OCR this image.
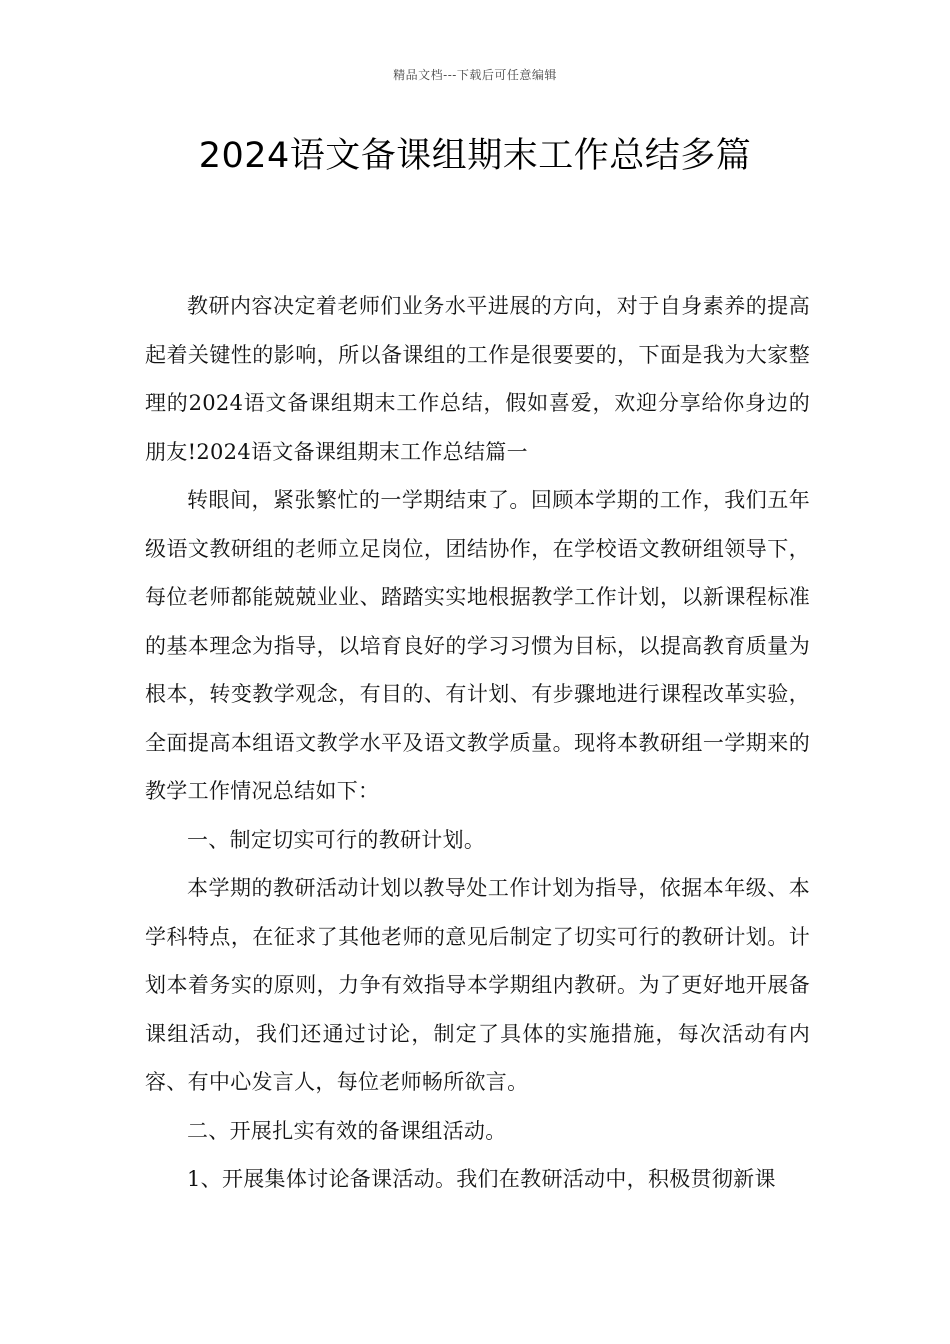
精品文档---下载后可任意编辑
2024语文备课组期末工作总结多篇

教研内容决定着老师们业务水平进展的方向，对于自身素养的提高起着关键性的影响，所以备课组的工作是很要要的，下面是我为大家整理的2024语文备课组期末工作总结，假如喜爱，欢迎分享给你身边的朋友!2024语文备课组期末工作总结篇一

转眼间，紧张繁忙的一学期结束了。回顾本学期的工作，我们五年级语文教研组的老师立足岗位，团结协作，在学校语文教研组领导下，每位老师都能兢兢业业、踏踏实实地根据教学工作计划，以新课程标准的基本理念为指导，以培育良好的学习习惯为目标，以提高教育质量为根本，转变教学观念，有目的、有计划、有步骤地进行课程改革实验，全面提高本组语文教学水平及语文教学质量。现将本教研组一学期来的教学工作情况总结如下：

一、制定切实可行的教研计划。

本学期的教研活动计划以教导处工作计划为指导，依据本年级、本学科特点，在征求了其他老师的意见后制定了切实可行的教研计划。计划本着务实的原则，力争有效指导本学期组内教研。为了更好地开展备课组活动，我们还通过讨论，制定了具体的实施措施，每次活动有内容、有中心发言人，每位老师畅所欲言。

二、开展扎实有效的备课组活动。

1、开展集体讨论备课活动。我们在教研活动中，积极贯彻新课
